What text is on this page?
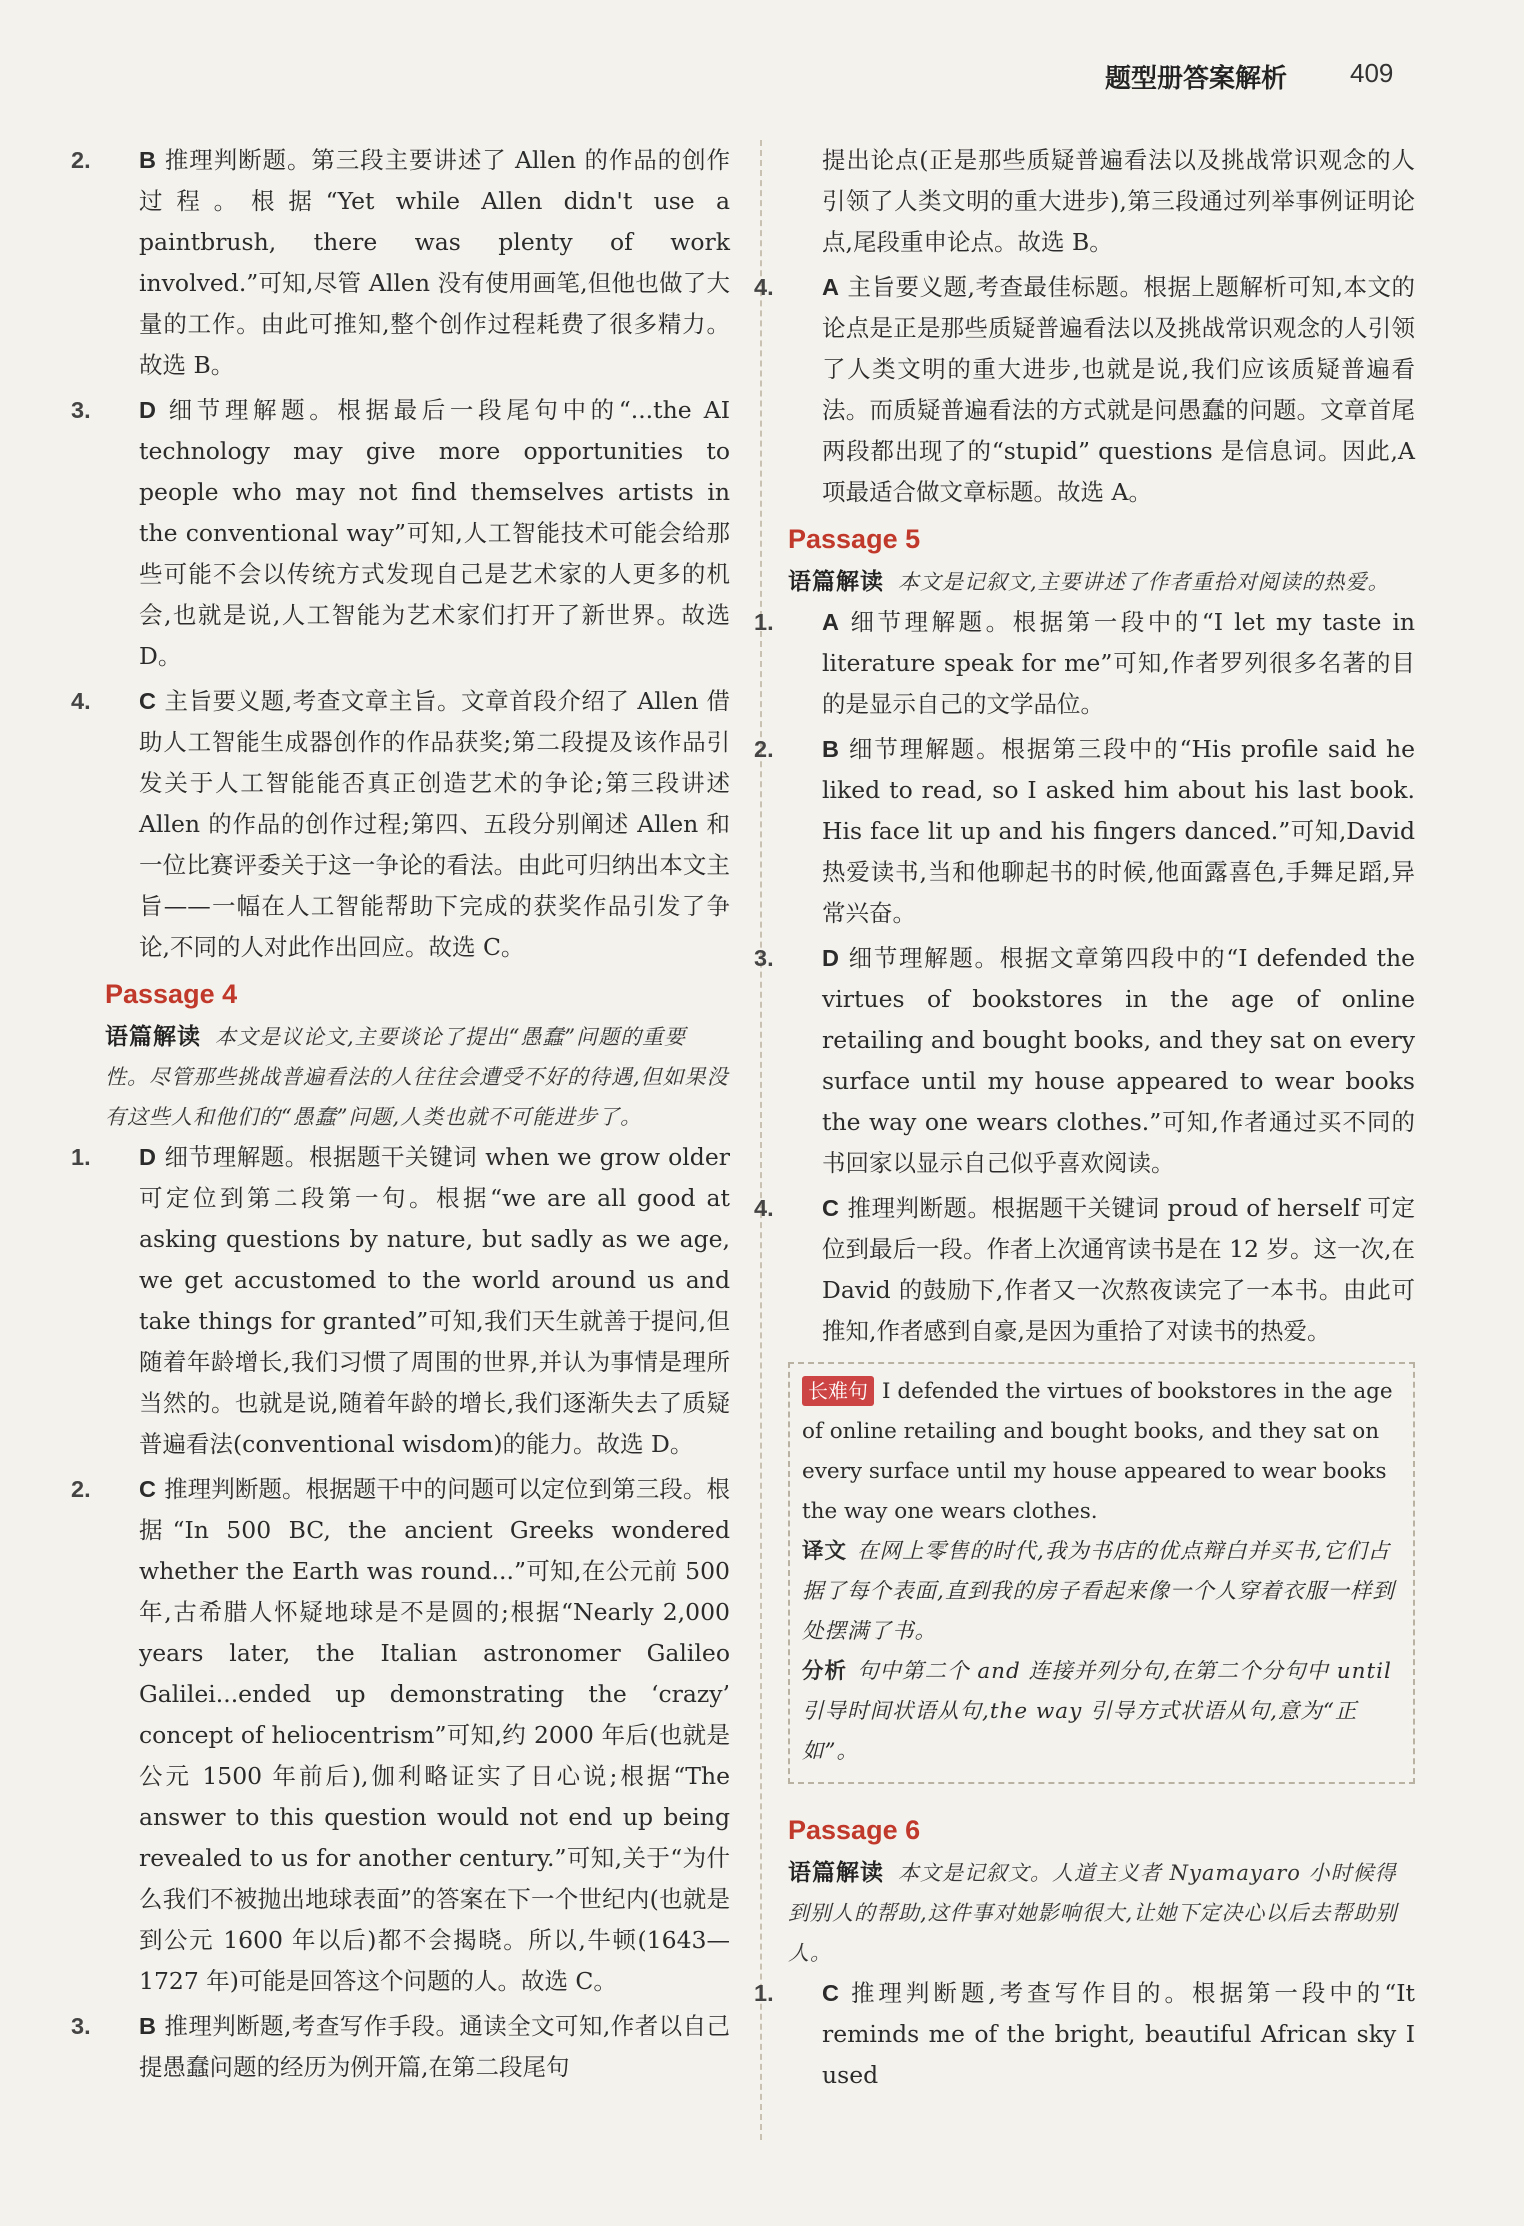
题型册答案解析 409
2. B 推理判断题。第三段主要讲述了 Allen 的作品的创作过程。根据“Yet while Allen didn't use a paintbrush, there was plenty of work involved.”可知,尽管 Allen 没有使用画笔,但他也做了大量的工作。由此可推知,整个创作过程耗费了很多精力。故选 B。
3. D 细节理解题。根据最后一段尾句中的“...the AI technology may give more opportunities to people who may not find themselves artists in the conventional way”可知,人工智能技术可能会给那些可能不会以传统方式发现自己是艺术家的人更多的机会,也就是说,人工智能为艺术家们打开了新世界。故选 D。
4. C 主旨要义题,考查文章主旨。文章首段介绍了 Allen 借助人工智能生成器创作的作品获奖;第二段提及该作品引发关于人工智能能否真正创造艺术的争论;第三段讲述 Allen 的作品的创作过程;第四、五段分别阐述 Allen 和一位比赛评委关于这一争论的看法。由此可归纳出本文主旨——一幅在人工智能帮助下完成的获奖作品引发了争论,不同的人对此作出回应。故选 C。
Passage 4
语篇解读 本文是议论文,主要谈论了提出“愚蠢”问题的重要性。尽管那些挑战普遍看法的人往往会遭受不好的待遇,但如果没有这些人和他们的“愚蠢”问题,人类也就不可能进步了。
1. D 细节理解题。根据题干关键词 when we grow older 可定位到第二段第一句。根据“we are all good at asking questions by nature, but sadly as we age, we get accustomed to the world around us and take things for granted”可知,我们天生就善于提问,但随着年龄增长,我们习惯了周围的世界,并认为事情是理所当然的。也就是说,随着年龄的增长,我们逐渐失去了质疑普遍看法(conventional wisdom)的能力。故选 D。
2. C 推理判断题。根据题干中的问题可以定位到第三段。根据“In 500 BC, the ancient Greeks wondered whether the Earth was round...”可知,在公元前 500 年,古希腊人怀疑地球是不是圆的;根据“Nearly 2,000 years later, the Italian astronomer Galileo Galilei...ended up demonstrating the ‘crazy’ concept of heliocentrism”可知,约 2000 年后(也就是公元 1500 年前后),伽利略证实了日心说;根据“The answer to this question would not end up being revealed to us for another century.”可知,关于“为什么我们不被抛出地球表面”的答案在下一个世纪内(也就是到公元 1600 年以后)都不会揭晓。所以,牛顿(1643—1727 年)可能是回答这个问题的人。故选 C。
3. B 推理判断题,考查写作手段。通读全文可知,作者以自己提愚蠢问题的经历为例开篇,在第二段尾句
提出论点(正是那些质疑普遍看法以及挑战常识观念的人引领了人类文明的重大进步),第三段通过列举事例证明论点,尾段重申论点。故选 B。
4. A 主旨要义题,考查最佳标题。根据上题解析可知,本文的论点是正是那些质疑普遍看法以及挑战常识观念的人引领了人类文明的重大进步,也就是说,我们应该质疑普遍看法。而质疑普遍看法的方式就是问愚蠢的问题。文章首尾两段都出现了的“stupid” questions 是信息词。因此,A 项最适合做文章标题。故选 A。
Passage 5
语篇解读 本文是记叙文,主要讲述了作者重拾对阅读的热爱。
1. A 细节理解题。根据第一段中的“I let my taste in literature speak for me”可知,作者罗列很多名著的目的是显示自己的文学品位。
2. B 细节理解题。根据第三段中的“His profile said he liked to read, so I asked him about his last book. His face lit up and his fingers danced.”可知,David 热爱读书,当和他聊起书的时候,他面露喜色,手舞足蹈,异常兴奋。
3. D 细节理解题。根据文章第四段中的“I defended the virtues of bookstores in the age of online retailing and bought books, and they sat on every surface until my house appeared to wear books the way one wears clothes.”可知,作者通过买不同的书回家以显示自己似乎喜欢阅读。
4. C 推理判断题。根据题干关键词 proud of herself 可定位到最后一段。作者上次通宵读书是在 12 岁。这一次,在 David 的鼓励下,作者又一次熬夜读完了一本书。由此可推知,作者感到自豪,是因为重拾了对读书的热爱。
长难句 I defended the virtues of bookstores in the age of online retailing and bought books, and they sat on every surface until my house appeared to wear books the way one wears clothes.
译文 在网上零售的时代,我为书店的优点辩白并买书,它们占据了每个表面,直到我的房子看起来像一个人穿着衣服一样到处摆满了书。
分析 句中第二个 and 连接并列分句,在第二个分句中 until 引导时间状语从句,the way 引导方式状语从句,意为“正如”。
Passage 6
语篇解读 本文是记叙文。人道主义者 Nyamayaro 小时候得到别人的帮助,这件事对她影响很大,让她下定决心以后去帮助别人。
1. C 推理判断题,考查写作目的。根据第一段中的“It reminds me of the bright, beautiful African sky I used
